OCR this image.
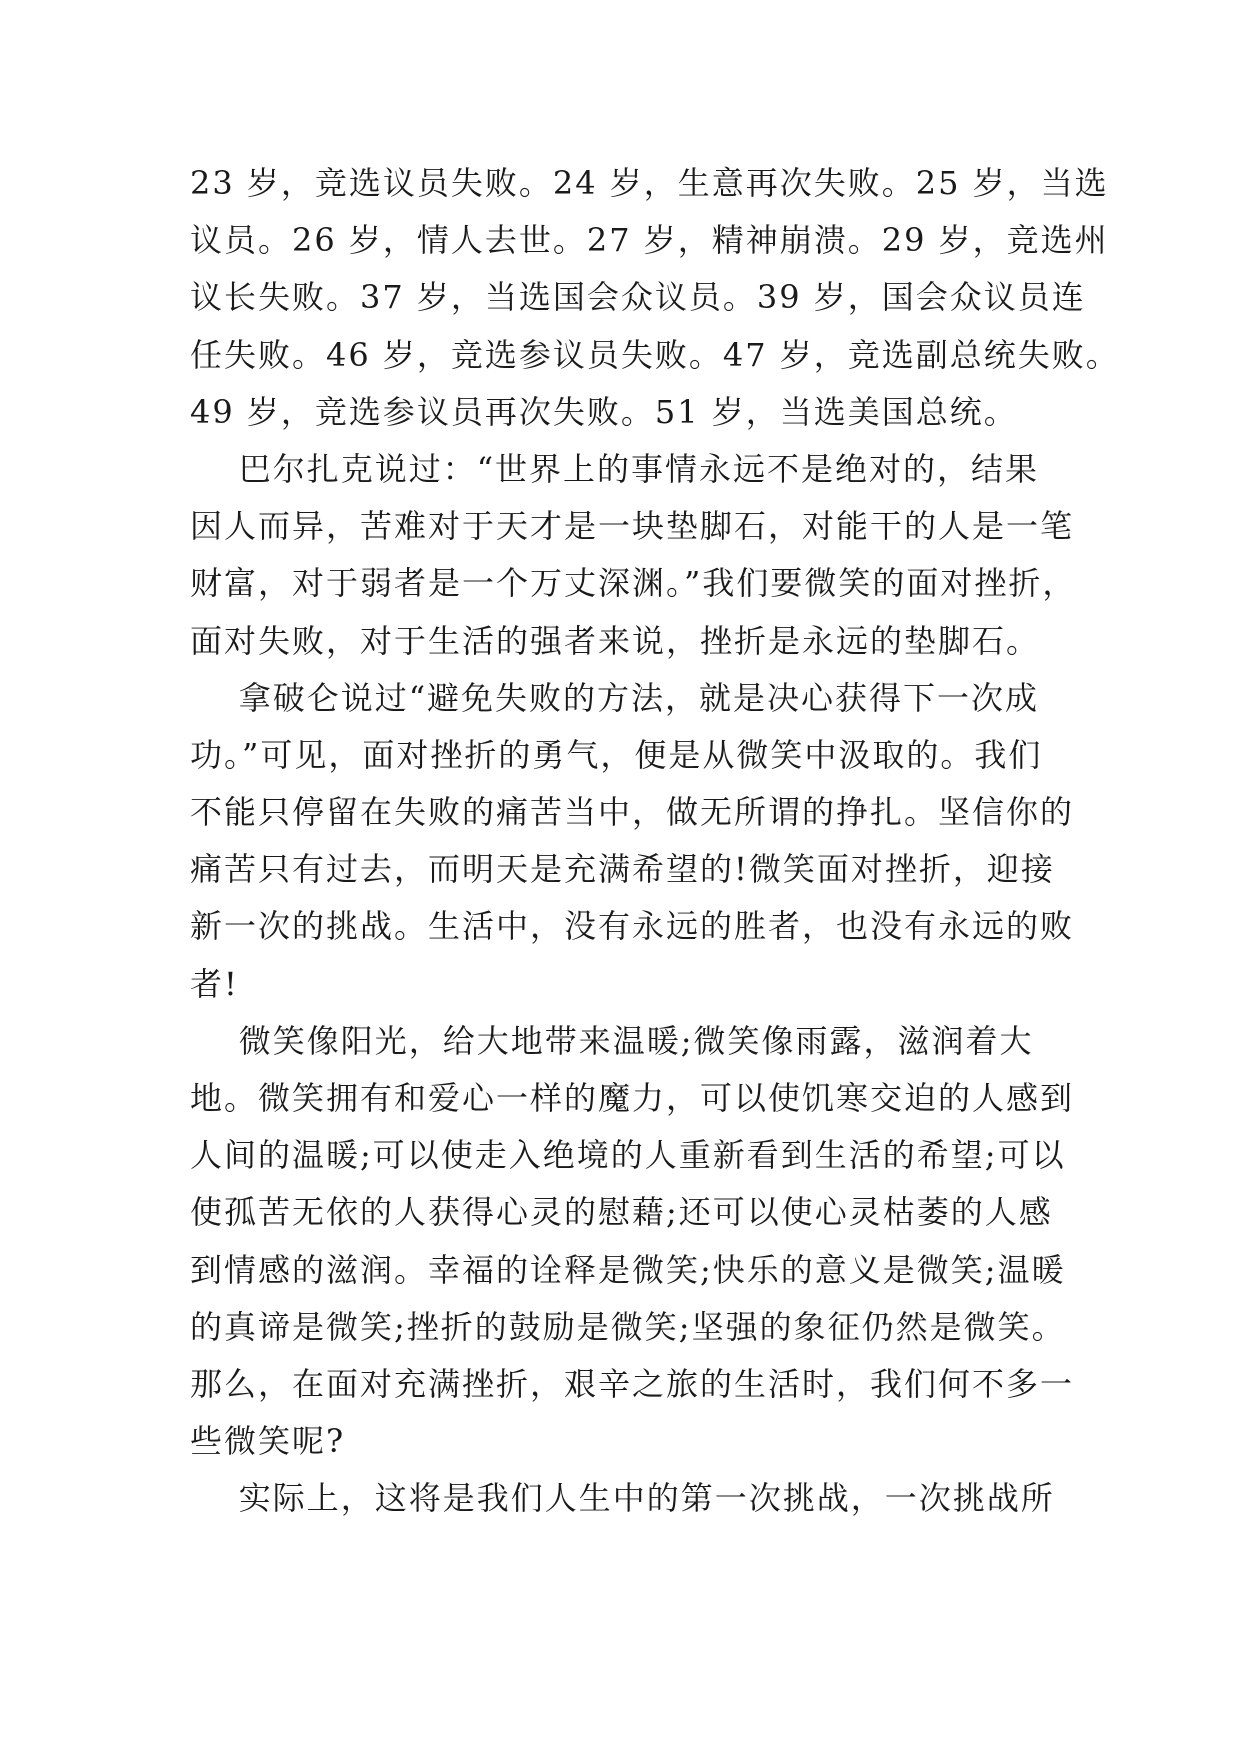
23 岁，竞选议员失败。24 岁，生意再次失败。25 岁，当选
议员。26 岁，情人去世。27 岁，精神崩溃。29 岁，竞选州
议长失败。37 岁，当选国会众议员。39 岁，国会众议员连
任失败。46 岁，竞选参议员失败。47 岁，竞选副总统失败。
49 岁，竞选参议员再次失败。51 岁，当选美国总统。
巴尔扎克说过：“世界上的事情永远不是绝对的，结果
因人而异，苦难对于天才是一块垫脚石，对能干的人是一笔
财富，对于弱者是一个万丈深渊。”我们要微笑的面对挫折，
面对失败，对于生活的强者来说，挫折是永远的垫脚石。
拿破仑说过“避免失败的方法，就是决心获得下一次成
功。”可见，面对挫折的勇气，便是从微笑中汲取的。我们
不能只停留在失败的痛苦当中，做无所谓的挣扎。坚信你的
痛苦只有过去，而明天是充满希望的!微笑面对挫折，迎接
新一次的挑战。生活中，没有永远的胜者，也没有永远的败
者!
微笑像阳光，给大地带来温暖;微笑像雨露，滋润着大
地。微笑拥有和爱心一样的魔力，可以使饥寒交迫的人感到
人间的温暖;可以使走入绝境的人重新看到生活的希望;可以
使孤苦无依的人获得心灵的慰藉;还可以使心灵枯萎的人感
到情感的滋润。幸福的诠释是微笑;快乐的意义是微笑;温暖
的真谛是微笑;挫折的鼓励是微笑;坚强的象征仍然是微笑。
那么，在面对充满挫折，艰辛之旅的生活时，我们何不多一
些微笑呢?
实际上，这将是我们人生中的第一次挑战，一次挑战所
